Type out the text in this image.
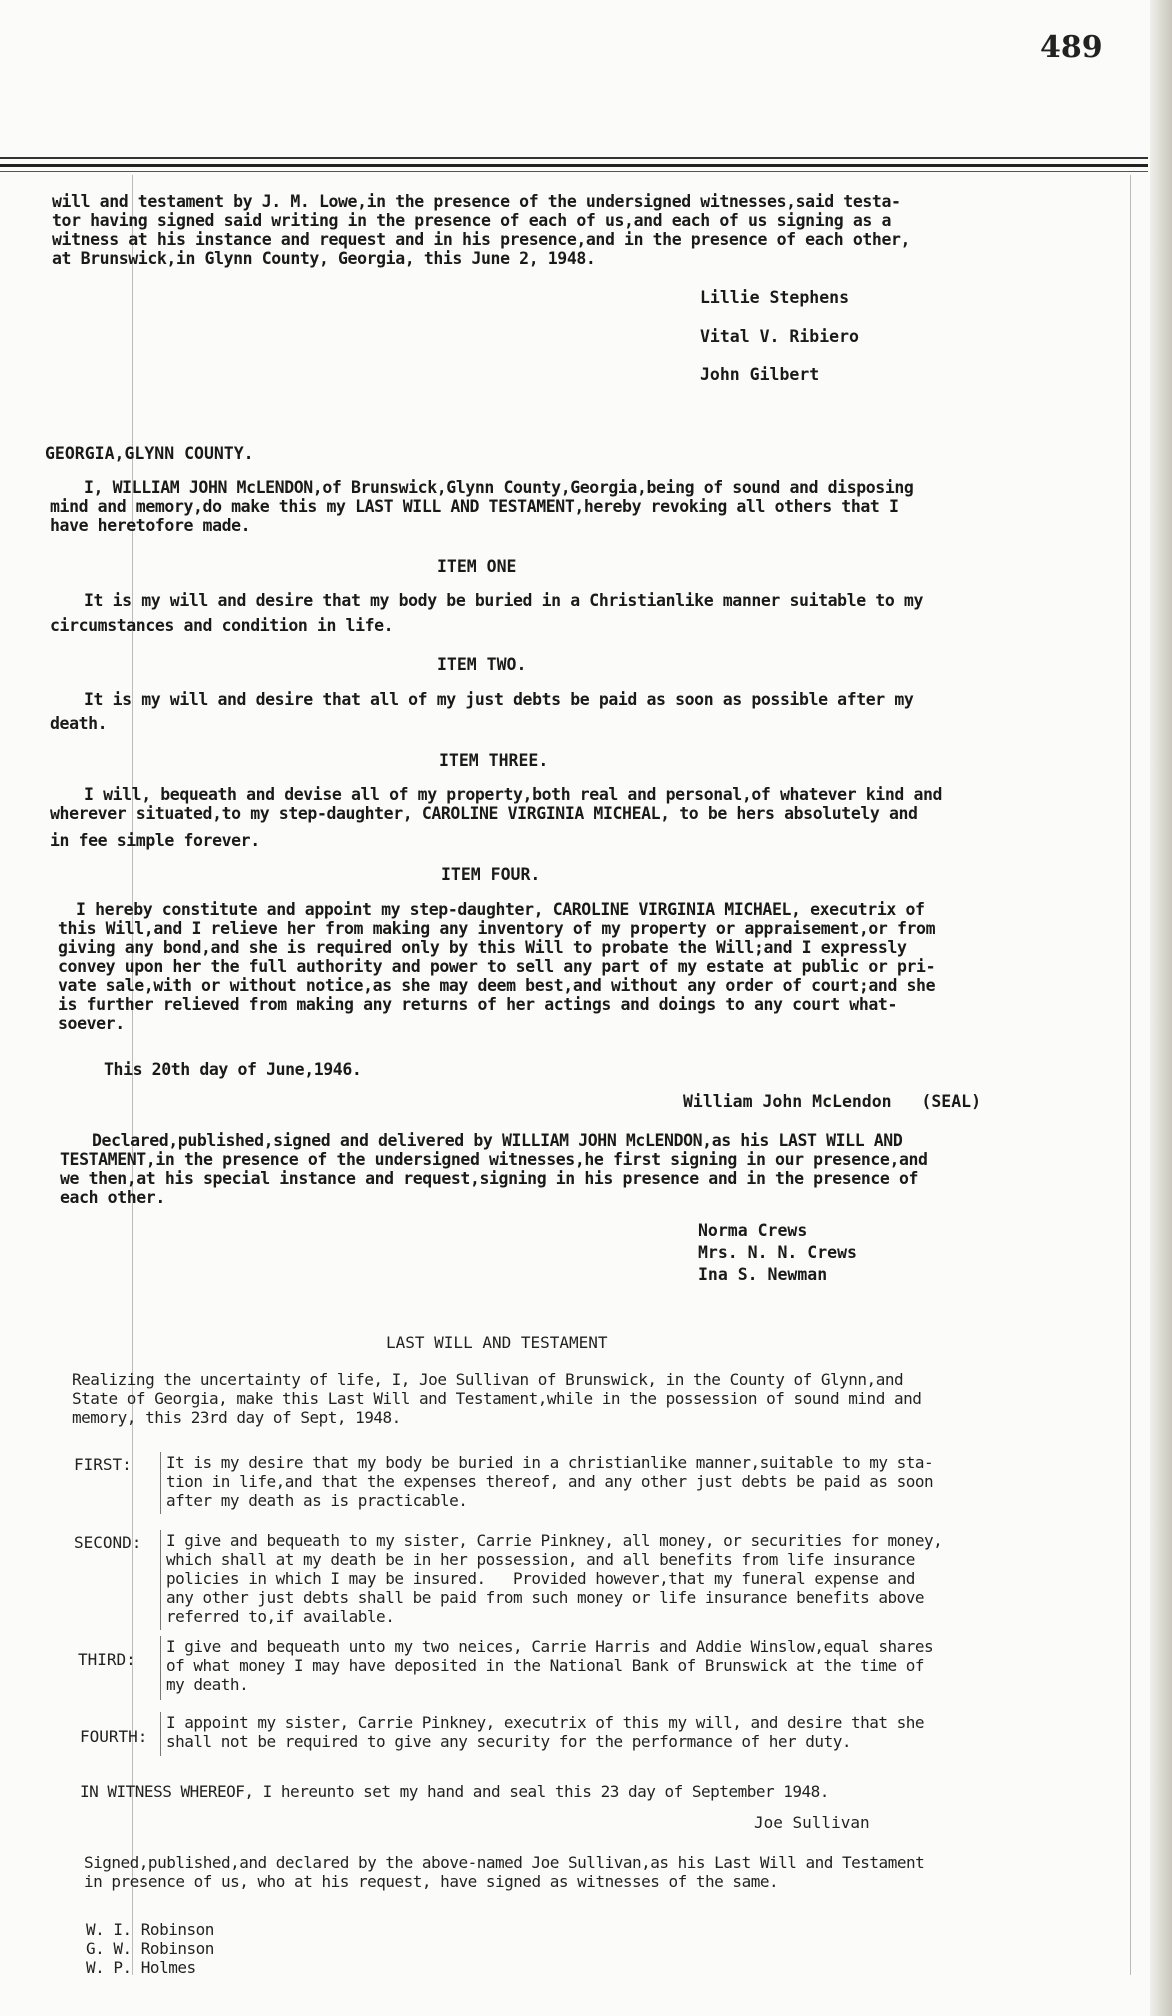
489
will and testament by J. M. Lowe,in the presence of the undersigned witnesses,said testa-
tor having signed said writing in the presence of each of us,and each of us signing as a
witness at his instance and request and in his presence,and in the presence of each other,
at Brunswick,in Glynn County, Georgia, this June 2, 1948.
Lillie Stephens
Vital V. Ribiero
John Gilbert
GEORGIA,GLYNN COUNTY.
I, WILLIAM JOHN McLENDON,of Brunswick,Glynn County,Georgia,being of sound and disposing
mind and memory,do make this my LAST WILL AND TESTAMENT,hereby revoking all others that I
have heretofore made.
ITEM ONE
It is my will and desire that my body be buried in a Christianlike manner suitable to my
circumstances and condition in life.
ITEM TWO.
It is my will and desire that all of my just debts be paid as soon as possible after my
death.
ITEM THREE.
I will, bequeath and devise all of my property,both real and personal,of whatever kind and
wherever situated,to my step-daughter, CAROLINE VIRGINIA MICHEAL, to be hers absolutely and
in fee simple forever.
ITEM FOUR.
I hereby constitute and appoint my step-daughter, CAROLINE VIRGINIA MICHAEL, executrix of
this Will,and I relieve her from making any inventory of my property or appraisement,or from
giving any bond,and she is required only by this Will to probate the Will;and I expressly
convey upon her the full authority and power to sell any part of my estate at public or pri-
vate sale,with or without notice,as she may deem best,and without any order of court;and she
is further relieved from making any returns of her actings and doings to any court what-
soever.
This 20th day of June,1946.
William John McLendon   (SEAL)
Declared,published,signed and delivered by WILLIAM JOHN McLENDON,as his LAST WILL AND
TESTAMENT,in the presence of the undersigned witnesses,he first signing in our presence,and
we then,at his special instance and request,signing in his presence and in the presence of
each other.
Norma Crews
Mrs. N. N. Crews
Ina S. Newman
LAST WILL AND TESTAMENT
Realizing the uncertainty of life, I, Joe Sullivan of Brunswick, in the County of Glynn,and
State of Georgia, make this Last Will and Testament,while in the possession of sound mind and
memory, this 23rd day of Sept, 1948.
FIRST: It is my desire that my body be buried in a christianlike manner,suitable to my sta-
tion in life,and that the expenses thereof, and any other just debts be paid as soon
after my death as is practicable.
SECOND: I give and bequeath to my sister, Carrie Pinkney, all money, or securities for money,
which shall at my death be in her possession, and all benefits from life insurance
policies in which I may be insured.   Provided however,that my funeral expense and
any other just debts shall be paid from such money or life insurance benefits above
referred to,if available.
THIRD:
I give and bequeath unto my two neices, Carrie Harris and Addie Winslow,equal shares
of what money I may have deposited in the National Bank of Brunswick at the time of
my death.
FOURTH:
I appoint my sister, Carrie Pinkney, executrix of this my will, and desire that she
shall not be required to give any security for the performance of her duty.
IN WITNESS WHEREOF, I hereunto set my hand and seal this 23 day of September 1948.
Joe Sullivan
Signed,published,and declared by the above-named Joe Sullivan,as his Last Will and Testament
in presence of us, who at his request, have signed as witnesses of the same.
W. I. Robinson
G. W. Robinson
W. P. Holmes
